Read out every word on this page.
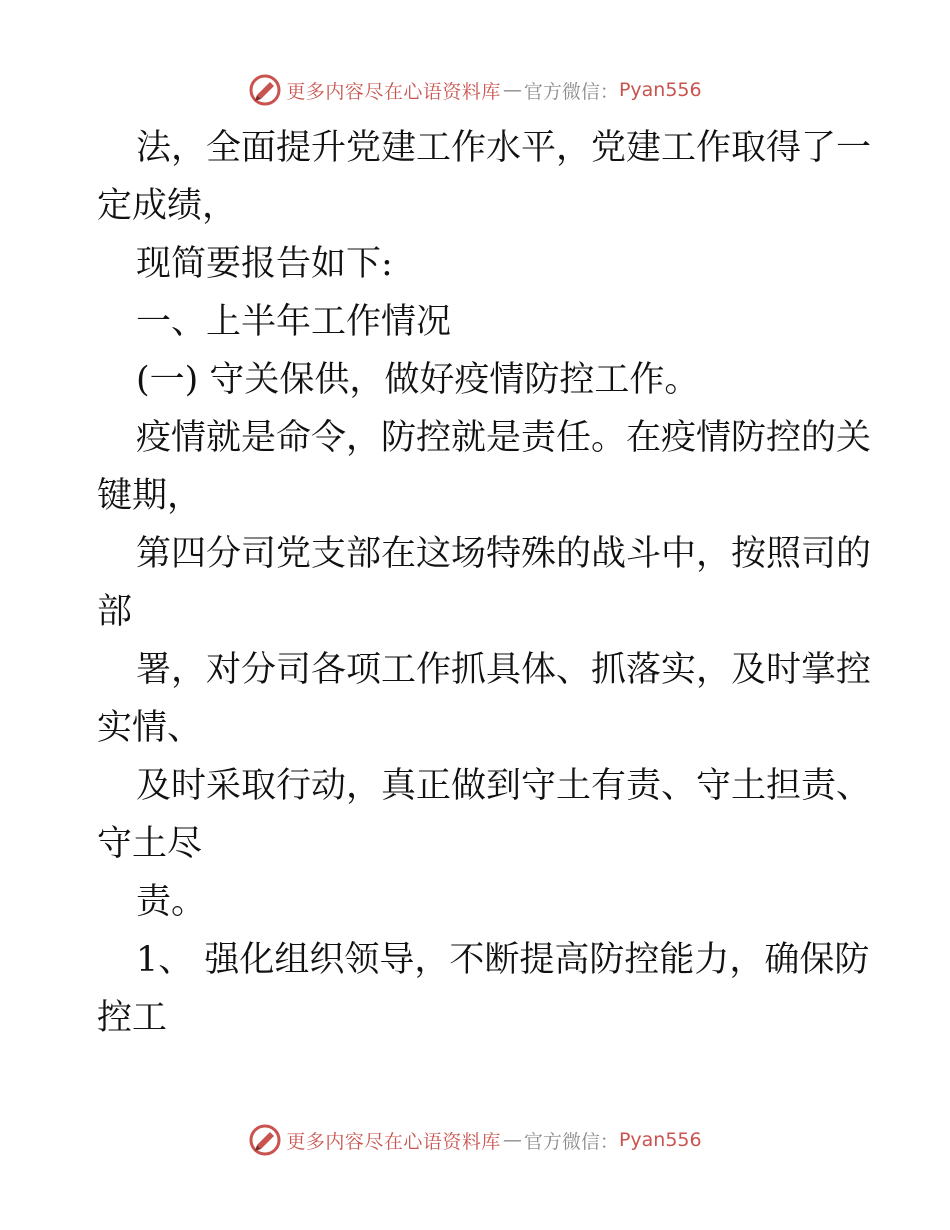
更多内容尽在心语资料库 — 官方微信： Pyan556
法，全面提升党建工作水平，党建工作取得了一
定成绩，
现简要报告如下:
一、上半年工作情况
(一) 守关保供，做好疫情防控工作。
疫情就是命令，防控就是责任。在疫情防控的关
键期，
第四分司党支部在这场特殊的战斗中，按照司的
部
署，对分司各项工作抓具体、抓落实，及时掌控
实情、
及时采取行动，真正做到守土有责、守土担责、
守土尽
责。
1、 强化组织领导，不断提高防控能力，确保防
控工
更多内容尽在心语资料库 — 官方微信： Pyan556
